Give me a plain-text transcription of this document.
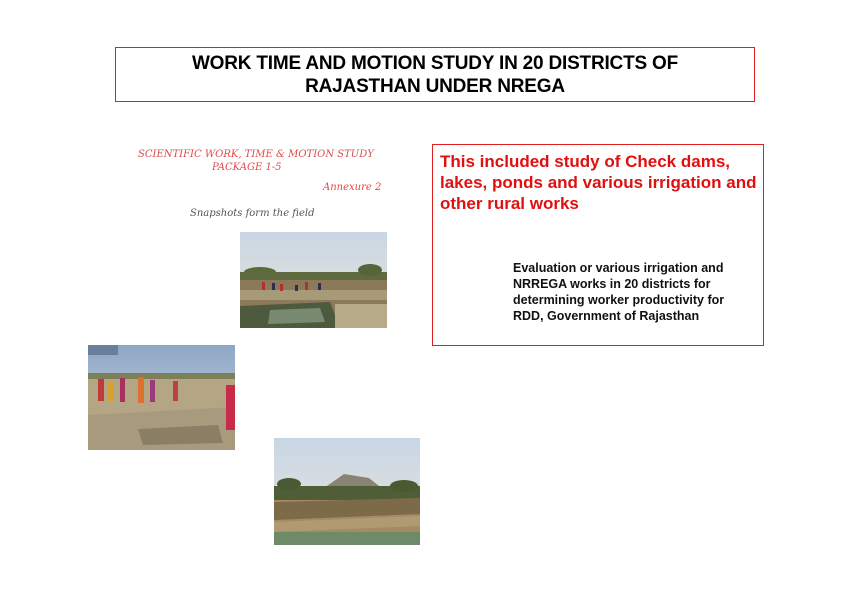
WORK TIME AND MOTION STUDY IN 20 DISTRICTS OF
RAJASTHAN UNDER NREGA
SCIENTIFIC WORK, TIME & MOTION STUDY
PACKAGE 1-5
Annexure 2
Snapshots form the field
This included study of Check dams, lakes, ponds and various irrigation and other rural works
Evaluation or various irrigation and NRREGA works in 20 districts for determining worker productivity for RDD, Government of Rajasthan
